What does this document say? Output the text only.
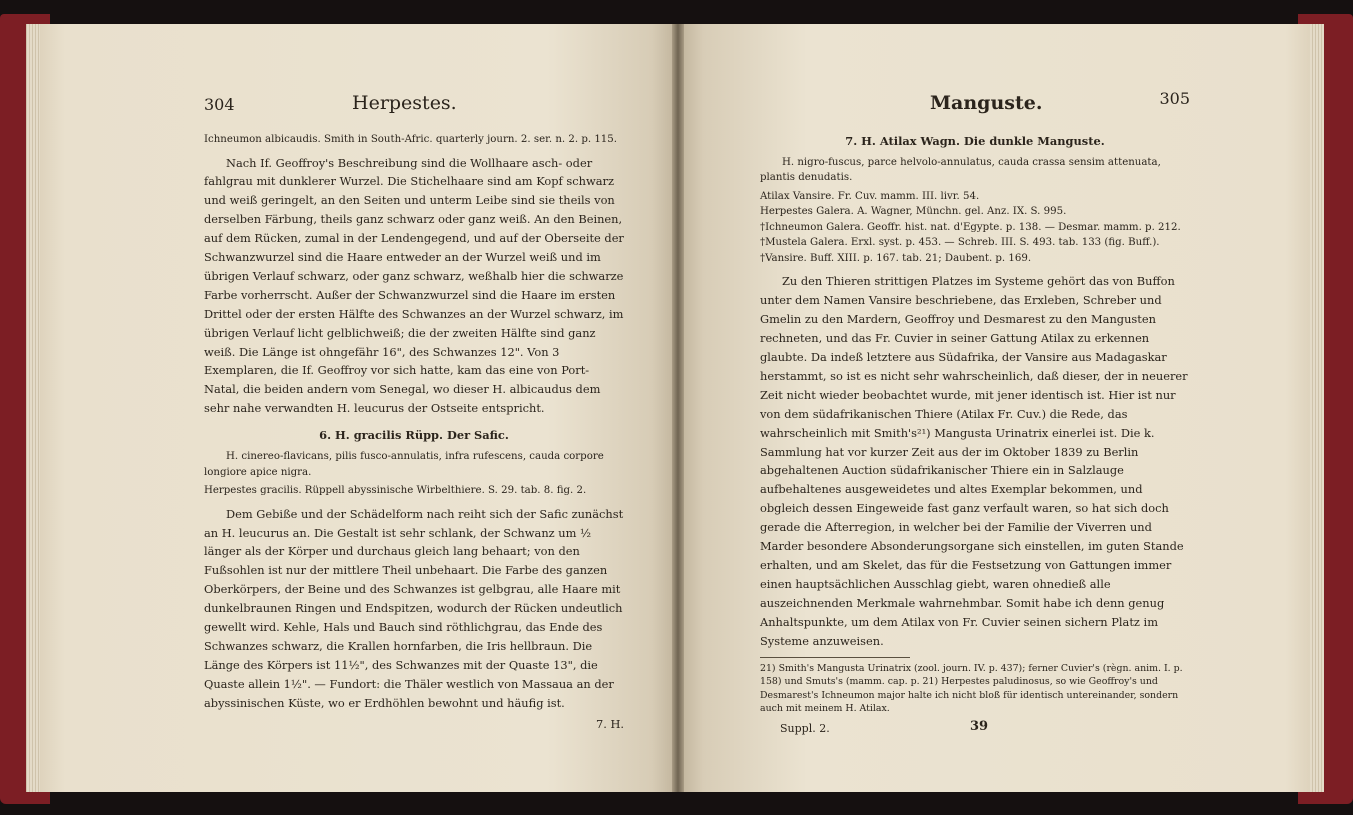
304	Herpestes.

Ichneumon albicaudis. Smith in South-Afric. quarterly journ. 2. ser. n. 2. p. 115.

Nach If. Geoffroy's Beschreibung sind die Wollhaare asch- oder fahlgrau mit dunklerer Wurzel. Die Stichelhaare sind am Kopf schwarz und weiß geringelt, an den Seiten und unterm Leibe sind sie theils von derselben Färbung, theils ganz schwarz oder ganz weiß. An den Beinen, auf dem Rücken, zumal in der Lendengegend, und auf der Oberseite der Schwanzwurzel sind die Haare entweder an der Wurzel weiß und im übrigen Verlauf schwarz, oder ganz schwarz, weßhalb hier die schwarze Farbe vorherrscht. Außer der Schwanzwurzel sind die Haare im ersten Drittel oder der ersten Hälfte des Schwanzes an der Wurzel schwarz, im übrigen Verlauf licht gelblichweiß; die der zweiten Hälfte sind ganz weiß. Die Länge ist ohngefähr 16", des Schwanzes 12". Von 3 Exemplaren, die If. Geoffroy vor sich hatte, kam das eine von Port-Natal, die beiden andern vom Senegal, wo dieser H. albicaudus dem sehr nahe verwandten H. leucurus der Ostseite entspricht.

6. H. gracilis Rüpp. Der Safic.

H. cinereo-flavicans, pilis fusco-annulatis, infra rufescens, cauda corpore longiore apice nigra.

Herpestes gracilis. Rüppell abyssinische Wirbelthiere. S. 29. tab. 8. fig. 2.

Dem Gebiße und der Schädelform nach reiht sich der Safic zunächst an H. leucurus an. Die Gestalt ist sehr schlank, der Schwanz um ½ länger als der Körper und durchaus gleich lang behaart; von den Fußsohlen ist nur der mittlere Theil unbehaart. Die Farbe des ganzen Oberkörpers, der Beine und des Schwanzes ist gelbgrau, alle Haare mit dunkelbraunen Ringen und Endspitzen, wodurch der Rücken undeutlich gewellt wird. Kehle, Hals und Bauch sind röthlichgrau, das Ende des Schwanzes schwarz, die Krallen hornfarben, die Iris hellbraun. Die Länge des Körpers ist 11½", des Schwanzes mit der Quaste 13", die Quaste allein 1½". — Fundort: die Thäler westlich von Massaua an der abyssinischen Küste, wo er Erdhöhlen bewohnt und häufig ist.

7. H.

Manguste.	305

7. H. Atilax Wagn. Die dunkle Manguste.

H. nigro-fuscus, parce helvolo-annulatus, cauda crassa sensim attenuata, plantis denudatis.

Atilax Vansire. Fr. Cuv. mamm. III. livr. 54.

Herpestes Galera. A. Wagner, Münchn. gel. Anz. IX. S. 995.

†Ichneumon Galera. Geoffr. hist. nat. d'Egypte. p. 138. — Desmar. mamm. p. 212.

†Mustela Galera. Erxl. syst. p. 453. — Schreb. III. S. 493. tab. 133 (fig. Buff.).

†Vansire. Buff. XIII. p. 167. tab. 21; Daubent. p. 169.

Zu den Thieren strittigen Platzes im Systeme gehört das von Buffon unter dem Namen Vansire beschriebene, das Erxleben, Schreber und Gmelin zu den Mardern, Geoffroy und Desmarest zu den Mangusten rechneten, und das Fr. Cuvier in seiner Gattung Atilax zu erkennen glaubte. Da indeß letztere aus Südafrika, der Vansire aus Madagaskar herstammt, so ist es nicht sehr wahrscheinlich, daß dieser, der in neuerer Zeit nicht wieder beobachtet wurde, mit jener identisch ist. Hier ist nur von dem südafrikanischen Thiere (Atilax Fr. Cuv.) die Rede, das wahrscheinlich mit Smith's²¹) Mangusta Urinatrix einerlei ist. Die k. Sammlung hat vor kurzer Zeit aus der im Oktober 1839 zu Berlin abgehaltenen Auction südafrikanischer Thiere ein in Salzlauge aufbehaltenes ausgeweidetes und altes Exemplar bekommen, und obgleich dessen Eingeweide fast ganz verfault waren, so hat sich doch gerade die Afterregion, in welcher bei der Familie der Viverren und Marder besondere Absonderungsorgane sich einstellen, im guten Stande erhalten, und am Skelet, das für die Festsetzung von Gattungen immer einen hauptsächlichen Ausschlag giebt, waren ohnedieß alle auszeichnenden Merkmale wahrnehmbar. Somit habe ich denn genug Anhaltspunkte, um dem Atilax von Fr. Cuvier seinen sichern Platz im Systeme anzuweisen.

21) Smith's Mangusta Urinatrix (zool. journ. IV. p. 437); ferner Cuvier's (règn. anim. I. p. 158) und Smuts's (mamm. cap. p. 21) Herpestes paludinosus, so wie Geoffroy's und Desmarest's Ichneumon major halte ich nicht bloß für identisch untereinander, sondern auch mit meinem H. Atilax.

Suppl. 2.	39
